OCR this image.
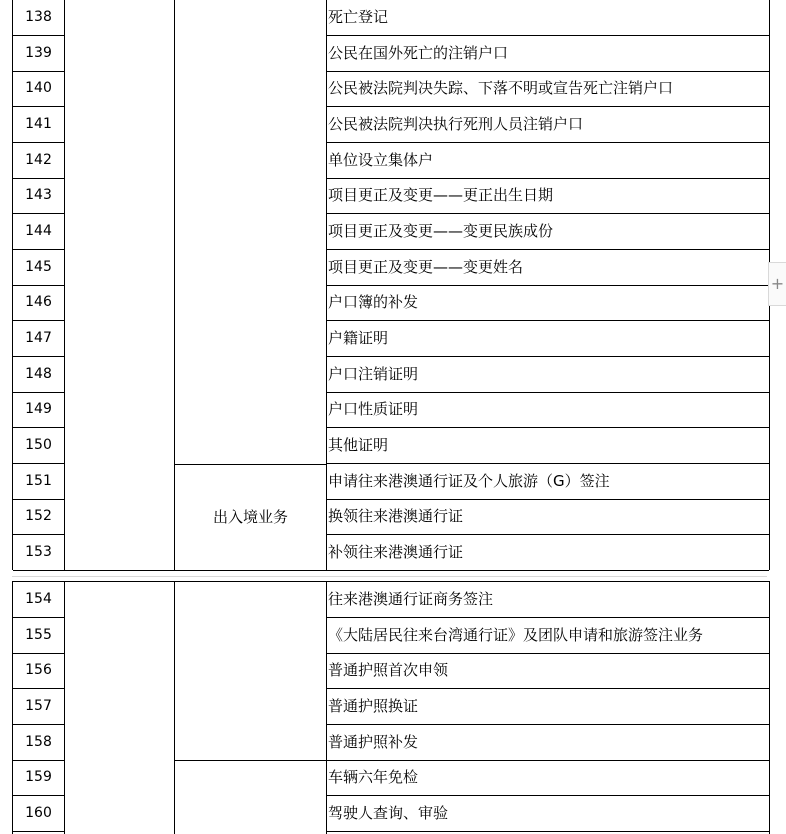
138	死亡登记
139	公民在国外死亡的注销户口
140	公民被法院判决失踪、下落不明或宣告死亡注销户口
141	公民被法院判决执行死刑人员注销户口
142	单位设立集体户
143	项目更正及变更——更正出生日期
144	项目更正及变更——变更民族成份
145	项目更正及变更——变更姓名
146	户口簿的补发
147	户籍证明
148	户口注销证明
149	户口性质证明
150	其他证明
151	申请往来港澳通行证及个人旅游（G）签注
152	换领往来港澳通行证
153	补领往来港澳通行证
出入境业务
154	往来港澳通行证商务签注
155	《大陆居民往来台湾通行证》及团队申请和旅游签注业务
156	普通护照首次申领
157	普通护照换证
158	普通护照补发
159	车辆六年免检
160	驾驶人查询、审验
+
